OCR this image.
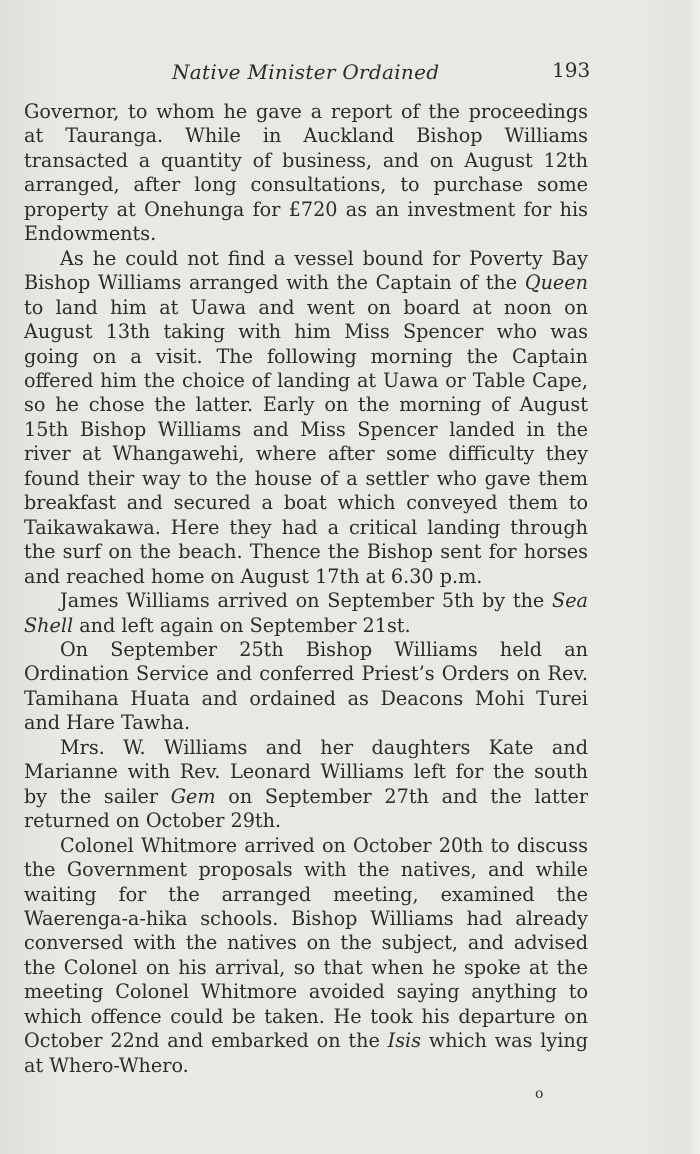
Native Minister Ordained	193

Governor, to whom he gave a report of the proceedings at Tauranga. While in Auckland Bishop Williams transacted a quantity of business, and on August 12th arranged, after long consultations, to purchase some property at Onehunga for £720 as an investment for his Endowments.

As he could not find a vessel bound for Poverty Bay Bishop Williams arranged with the Captain of the Queen to land him at Uawa and went on board at noon on August 13th taking with him Miss Spencer who was going on a visit. The following morning the Captain offered him the choice of landing at Uawa or Table Cape, so he chose the latter. Early on the morning of August 15th Bishop Williams and Miss Spencer landed in the river at Whangawehi, where after some difficulty they found their way to the house of a settler who gave them breakfast and secured a boat which conveyed them to Taikawakawa. Here they had a critical landing through the surf on the beach. Thence the Bishop sent for horses and reached home on August 17th at 6.30 p.m.

James Williams arrived on September 5th by the Sea Shell and left again on September 21st.

On September 25th Bishop Williams held an Ordination Service and conferred Priest’s Orders on Rev. Tamihana Huata and ordained as Deacons Mohi Turei and Hare Tawha.

Mrs. W. Williams and her daughters Kate and Marianne with Rev. Leonard Williams left for the south by the sailer Gem on September 27th and the latter returned on October 29th.

Colonel Whitmore arrived on October 20th to discuss the Government proposals with the natives, and while waiting for the arranged meeting, examined the Waerenga-a-hika schools. Bishop Williams had already conversed with the natives on the subject, and advised the Colonel on his arrival, so that when he spoke at the meeting Colonel Whitmore avoided saying anything to which offence could be taken. He took his departure on October 22nd and embarked on the Isis which was lying at Whero-Whero.

o
